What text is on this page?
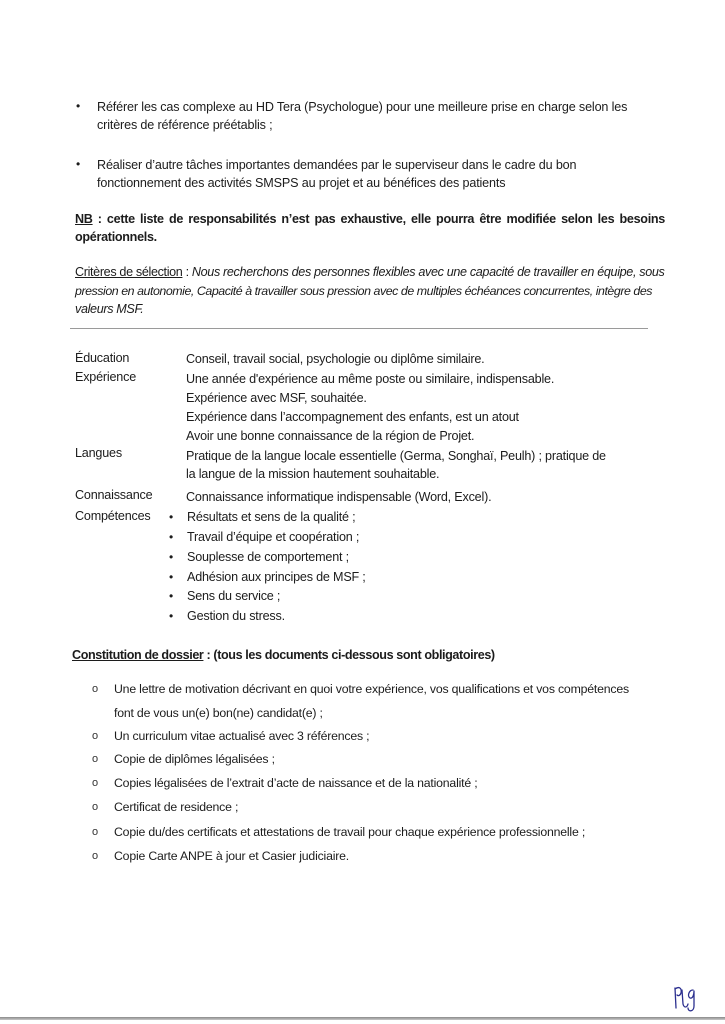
• Référer les cas complexe au HD Tera (Psychologue) pour une meilleure prise en charge selon les
critères de référence préétablis ;
• Réaliser d’autre tâches importantes demandées par le superviseur dans le cadre du bon
fonctionnement des activités SMSPS au projet et au bénéfices des patients
NB : cette liste de responsabilités n’est pas exhaustive, elle pourra être modifiée selon les besoins
opérationnels.
Critères de sélection : Nous recherchons des personnes flexibles avec une capacité de travailler en équipe, sous
pression en autonomie, Capacité à travailler sous pression avec de multiples échéances concurrentes, intègre des
valeurs MSF.
Éducation	Conseil, travail social, psychologie ou diplôme similaire.
Expérience	Une année d'expérience au même poste ou similaire, indispensable.
Expérience avec MSF, souhaitée.
Expérience dans l’accompagnement des enfants, est un atout
Avoir une bonne connaissance de la région de Projet.
Langues	Pratique de la langue locale essentielle (Germa, Songhaï, Peulh) ; pratique de
la langue de la mission hautement souhaitable.
Connaissance	Connaissance informatique indispensable (Word, Excel).
Compétences • Résultats et sens de la qualité ;
• Travail d’équipe et coopération ;
• Souplesse de comportement ;
• Adhésion aux principes de MSF ;
• Sens du service ;
• Gestion du stress.
Constitution de dossier : (tous les documents ci-dessous sont obligatoires)
o Une lettre de motivation décrivant en quoi votre expérience, vos qualifications et vos compétences
font de vous un(e) bon(ne) candidat(e) ;
o Un curriculum vitae actualisé avec 3 références ;
o Copie de diplômes légalisées ;
o Copies légalisées de l’extrait d’acte de naissance et de la nationalité ;
o Certificat de residence ;
o Copie du/des certificats et attestations de travail pour chaque expérience professionnelle ;
o Copie Carte ANPE à jour et Casier judiciaire.
